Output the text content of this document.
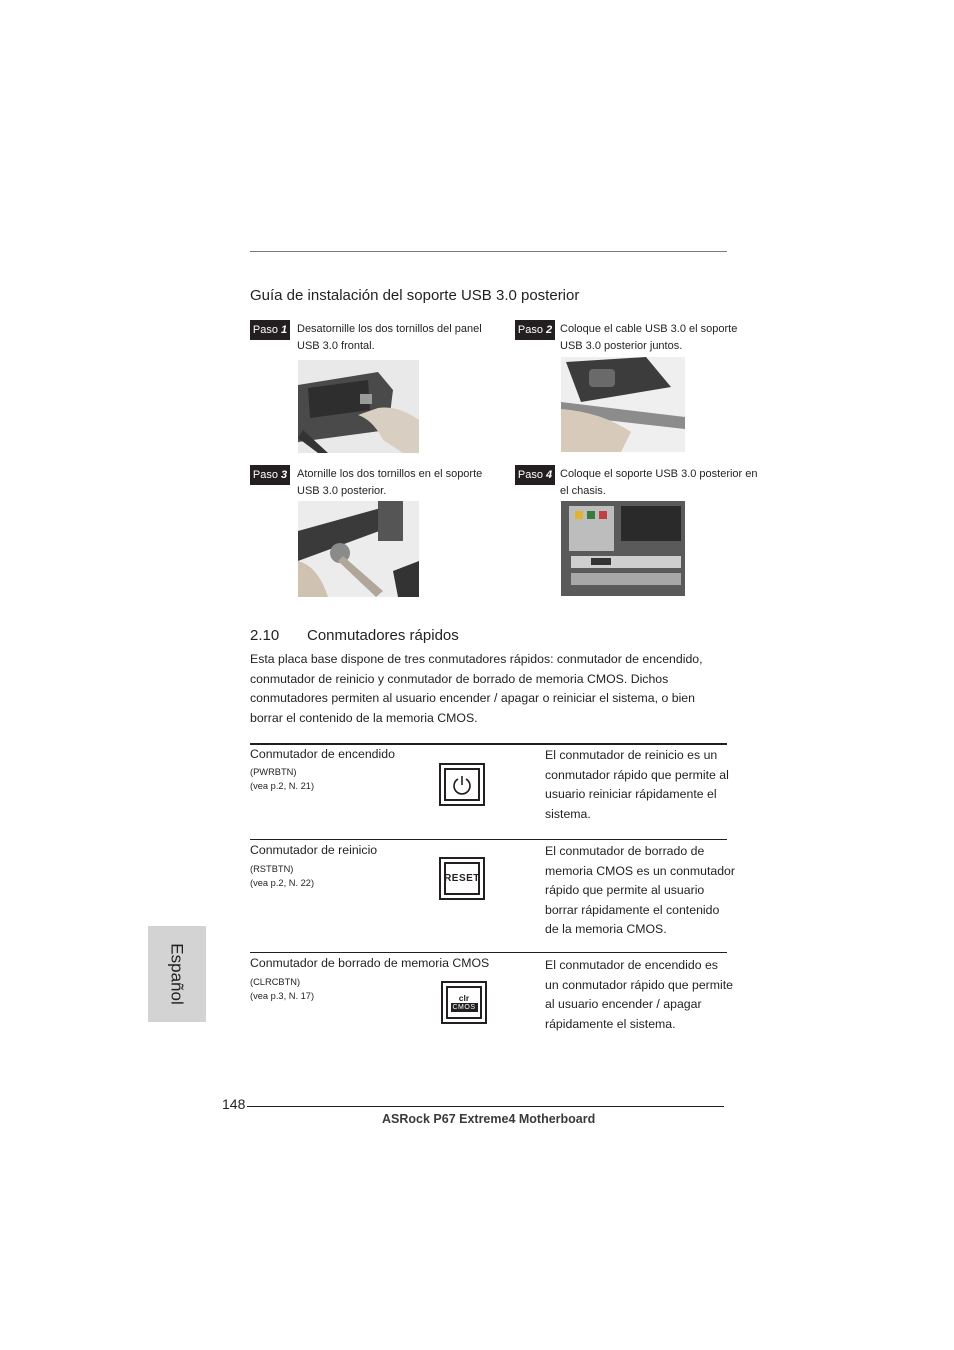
Guía de instalación del soporte USB 3.0 posterior
Paso 1 Desatornille los dos tornillos del panel USB 3.0 frontal.
Paso 2 Coloque el cable USB 3.0 el soporte USB 3.0 posterior juntos.
Paso 3 Atornille los dos tornillos en el soporte USB 3.0 posterior.
Paso 4 Coloque el soporte USB 3.0 posterior en el chasis.
2.10 Conmutadores rápidos

Esta placa base dispone de tres conmutadores rápidos: conmutador de encendido, conmutador de reinicio y conmutador de borrado de memoria CMOS. Dichos conmutadores permiten al usuario encender / apagar o reiniciar el sistema, o bien borrar el contenido de la memoria CMOS.

Conmutador de encendido
(PWRBTN)
(vea p.2, N. 21)
El conmutador de reinicio es un conmutador rápido que permite al usuario reiniciar rápidamente el sistema.
Conmutador de reinicio
(RSTBTN)
(vea p.2, N. 22)	RESET
El conmutador de borrado de memoria CMOS es un conmutador rápido que permite al usuario borrar rápidamente el contenido de la memoria CMOS.
Conmutador de borrado de memoria CMOS
(CLRCBTN)
(vea p.3, N. 17)	clr
CMOS
El conmutador de encendido es un conmutador rápido que permite al usuario encender / apagar rápidamente el sistema.
Español
148
ASRock P67 Extreme4 Motherboard
